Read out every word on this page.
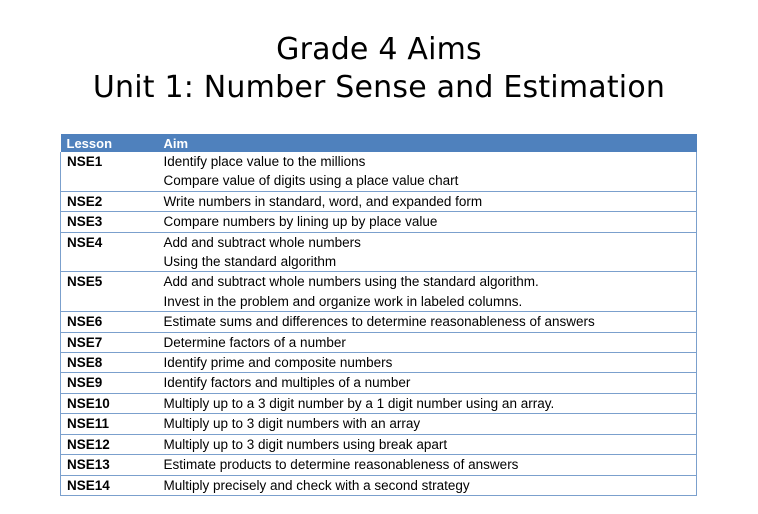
Grade 4 Aims
Unit 1: Number Sense and Estimation
Lesson	Aim
NSE1	Identify place value to the millions
Compare value of digits using a place value chart

NSE2	Write numbers in standard, word, and expanded form

NSE3	Compare numbers by lining up by place value

NSE4	Add and subtract whole numbers
Using the standard algorithm

NSE5	Add and subtract whole numbers using the standard algorithm.
Invest in the problem and organize work in labeled columns.

NSE6	Estimate sums and differences to determine reasonableness of answers

NSE7	Determine factors of a number

NSE8	Identify prime and composite numbers

NSE9	Identify factors and multiples of a number

NSE10	Multiply up to a 3 digit number by a 1 digit number using an array.

NSE11	Multiply up to 3 digit numbers with an array

NSE12	Multiply up to 3 digit numbers using break apart

NSE13	Estimate products to determine reasonableness of answers

NSE14	Multiply precisely and check with a second strategy
